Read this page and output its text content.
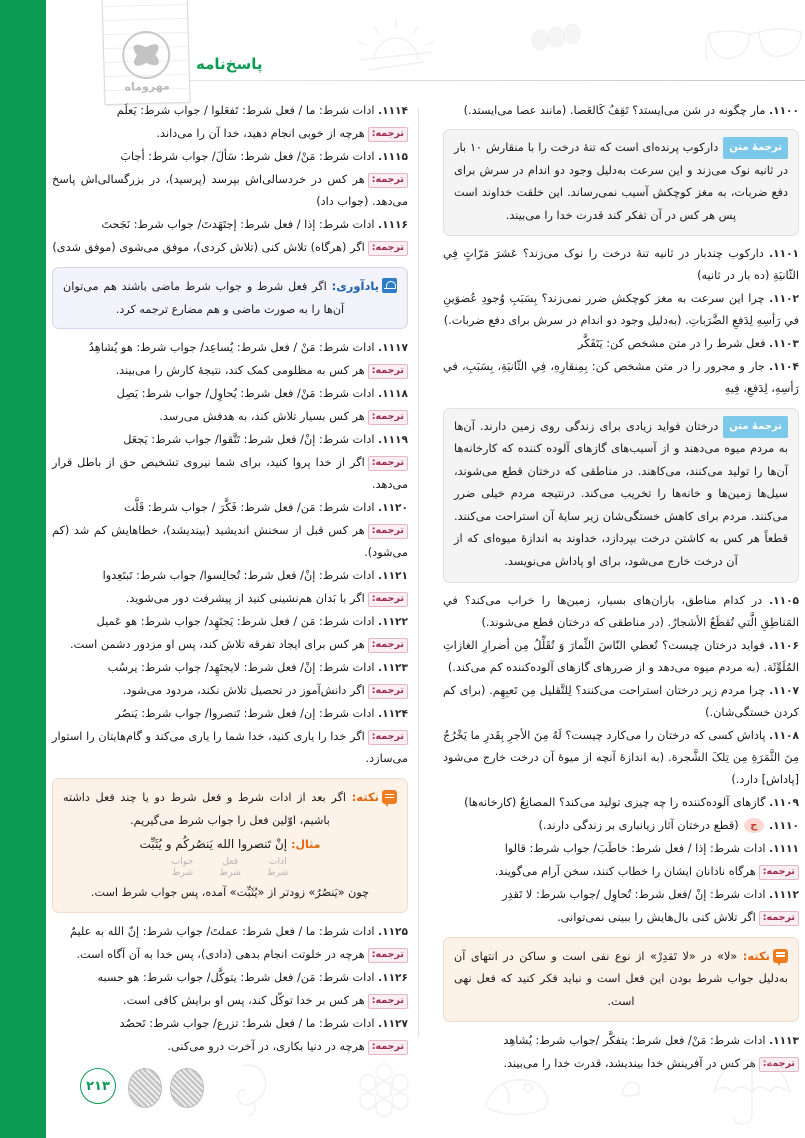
مهروماه
پاسخ‌نامه

۱۱۰۰. مار چگونه در شن می‌ایستد؟ تَقِفُ کَالعَصا. (مانند عصا می‌ایستد.)

ترجمهٔ متندارکوب پرنده‌ای است که تنهٔ درخت را با منقارش ۱۰ بار در ثانیه نوک می‌زند و این سرعت به‌دلیل وجود دو اندام در سرش برای دفع ضربات، به مغز کوچکش آسیب نمی‌رساند. این خلقت خداوند است پس هر کس در آن تفکر کند قدرت خدا را می‌بیند.

۱۱۰۱. دارکوب چندبار در ثانیه تنهٔ درخت را نوک می‌زند؟ عَشرَ مَرّاتٍ فِي الثّانیَةِ (ده بار در ثانیه)

۱۱۰۲. چرا این سرعت به مغز کوچکش ضرر نمی‌زند؟ بِسَبَبِ وُجودِ عُضوَینِ في رَأسِهِ لِدَفعِ الضَّرَباتِ. (به‌دلیل وجود دو اندام در سرش برای دفع ضربات.)

۱۱۰۳. فعل شرط را در متن مشخص کن: یَتَفَکَّر

۱۱۰۴. جار و مجرور را در متن مشخص کن: بِمِنقارِهِ، فِي الثّانیَةِ، بِسَبَبِ، في رَأسِهِ، لِدَفعِ، فِیهِ

ترجمهٔ متندرختان فواید زیادی برای زندگی روی زمین دارند. آن‌ها به مردم میوه می‌دهند و از آسیب‌های گازهای آلوده کننده که کارخانه‌ها آن‌ها را تولید می‌کنند، می‌کاهند. در مناطقی که درختان قطع می‌شوند، سیل‌ها زمین‌ها و خانه‌ها را تخریب می‌کند. درنتیجه مردم خیلی ضرر می‌کنند. مردم برای کاهش خستگی‌شان زیر سایهٔ آن استراحت می‌کنند. قطعاً هر کس به کاشتن درخت بپردازد، خداوند به اندازهٔ میوه‌ای که از آن درخت خارج می‌شود، برای او پاداش می‌نویسد.

۱۱۰۵. در کدام مناطق، باران‌های بسیار، زمین‌ها را خراب می‌کند؟ في المَناطِقِ الَّتي تُقطَعُ الأشجارُ. (در مناطقی که درختان قطع می‌شوند.)

۱۱۰۶. فواید درختان چیست؟ تُعطي النّاسَ الثِّمارَ وَ تُقَلِّلُ مِن أضرارِ الغازاتِ المُلَوِّثَة. (به مردم میوه می‌دهد و از ضررهای گازهای آلوده‌کننده کم می‌کند.)

۱۱۰۷. چرا مردم زیر درختان استراحت می‌کنند؟ لِلتَّقلیل مِن تَعبِهِم. (برای کم کردن خستگی‌شان.)

۱۱۰۸. پاداش کسی که درختان را می‌کارد چیست؟ لَهُ مِنَ الأجرِ بِقَدرِ ما یَخْرُجُ مِنَ الثَّمَرَةِ مِن تِلکَ الشَّجرة. (به اندازهٔ آنچه از میوهٔ آن درخت خارج می‌شود [پاداش] دارد.)

۱۱۰۹. گازهای آلوده‌کننده را چه چیزی تولید می‌کند؟ المصانِعُ (کارخانه‌ها)

۱۱۱۰. ج (قطع درختان آثار زیانباری بر زندگی دارند.)

۱۱۱۱. ادات شرط: إذا / فعل شرط: خاطَبَ/ جواب شرط: قالوا

ترجمه:هرگاه نادانان ایشان را خطاب کنند، سخن آرام می‌گویند.

۱۱۱۲. ادات شرط: إنْ /فعل شرط: تُحاوِل /جواب شرط: لا تَقدِر

ترجمه:اگر تلاش کنی بال‌هایش را ببینی نمی‌توانی.

نکته: «لا» در «لا تَقدِرْ» از نوع نفی است و ساکن در انتهای آن به‌دلیل جواب شرط بودن این فعل است و نباید فکر کنید که فعل نهی است.

۱۱۱۳. ادات شرط: مَنْ/ فعل شرط: یتفکَّر /جواب شرط: یُشاهِد

ترجمه:هر کس در آفرینش خدا بیندیشد، قدرت خدا را می‌بیند.

۱۱۱۴. ادات شرط: ما / فعل شرط: تَفعَلوا / جواب شرط: یَعلَم

ترجمه:هرچه از خوبی انجام دهید، خدا آن را می‌داند.

۱۱۱۵. ادات شرط: مَنْ/ فعل شرط: سَألَ/ جواب شرط: أجابَ

ترجمه:هر کس در خردسالی‌اش بپرسد (پرسید)، در بزرگسالی‌اش پاسخ می‌دهد. (جواب داد)

۱۱۱۶. ادات شرط: إذا / فعل شرط: إجتَهَدتَ/ جواب شرط: نَجَحتَ

ترجمه:اگر (هرگاه) تلاش کنی (تلاش کردی)، موفق می‌شوی (موفق شدی)

یادآوری: اگر فعل شرط و جواب شرط ماضی باشند هم می‌توان آن‌ها را به صورت ماضی و هم مضارع ترجمه کرد.

۱۱۱۷. ادات شرط: مَنْ / فعل شرط: یُساعِد/ جواب شرط: هو یُشاهِدُ

ترجمه:هر کس به مظلومی کمک کند، نتیجهٔ کارش را می‌بیند.

۱۱۱۸. ادات شرط: مَنْ/ فعل شرط: یُحاوِل/ جواب شرط: یَصِل

ترجمه:هر کس بسیار تلاش کند، به هدفش می‌رسد.

۱۱۱۹. ادات شرط: إنْ/ فعل شرط: تَتَّقوا/ جواب شرط: یَجعَل

ترجمه:اگر از خدا پروا کنید، برای شما نیروی تشخیص حق از باطل قرار می‌دهد.

۱۱۲۰. ادات شرط: مَن/ فعل شرط: فَکَّرَ / جواب شرط: قَلَّت

ترجمه:هر کس قبل از سخنش اندیشید (بیندیشد)، خطاهایش کم شد (کم می‌شود).

۱۱۲۱. ادات شرط: إنْ/ فعل شرط: تُجالِسوا/ جواب شرط: تَبتَعِدوا

ترجمه:اگر با بَدان هم‌نشینی کنید از پیشرفت دور می‌شوید.

۱۱۲۲. ادات شرط: مَن / فعل شرط: یَجتَهِد/ جواب شرط: هو عَمیل

ترجمه:هر کس برای ایجاد تفرقه تلاش کند، پس او مزدور دشمن است.

۱۱۲۳. ادات شرط: إنْ/ فعل شرط: لایجتَهِد/ جواب شرط: یرسُب

ترجمه:اگر دانش‌آموز در تحصیل تلاش نکند، مردود می‌شود.

۱۱۲۴. ادات شرط: إن/ فعل شرط: تَنصروا/ جواب شرط: یَنصُر

ترجمه:اگر خدا را یاری کنید، خدا شما را یاری می‌کند و گام‌هایتان را استوار می‌سازد.

نکته: اگر بعد از ادات شرط و فعل شرط دو یا چند فعل داشته باشیم، اوّلین فعل را جواب شرط می‌گیریم.
مثال:إنْ تَنصروا الله یَنصُرکُم و یُثَبِّت
ادات
شرط
فعل
شرط
جواب
شرط
چون «یَنصُرُ» زودتر از «یُثَبِّت» آمده، پس جواب شرط است.

۱۱۲۵. ادات شرط: ما / فعل شرط: عملتَ/ جواب شرط: إنّ الله به علیمٌ

ترجمه:هرچه در خلوتت انجام بدهی (دادی)، پس خدا به آن آگاه است.

۱۱۲۶. ادات شرط: مَن/ فعل شرط: یتوکَّل/ جواب شرط: هو حسبه

ترجمه:هر کس بر خدا توکّل کند، پس او برایش کافی است.

۱۱۲۷. ادات شرط: ما / فعل شرط: تزرع/ جواب شرط: تَحصُد

ترجمه:هرچه در دنیا بکاری، در آخرت درو می‌کنی.

۲۱۳
